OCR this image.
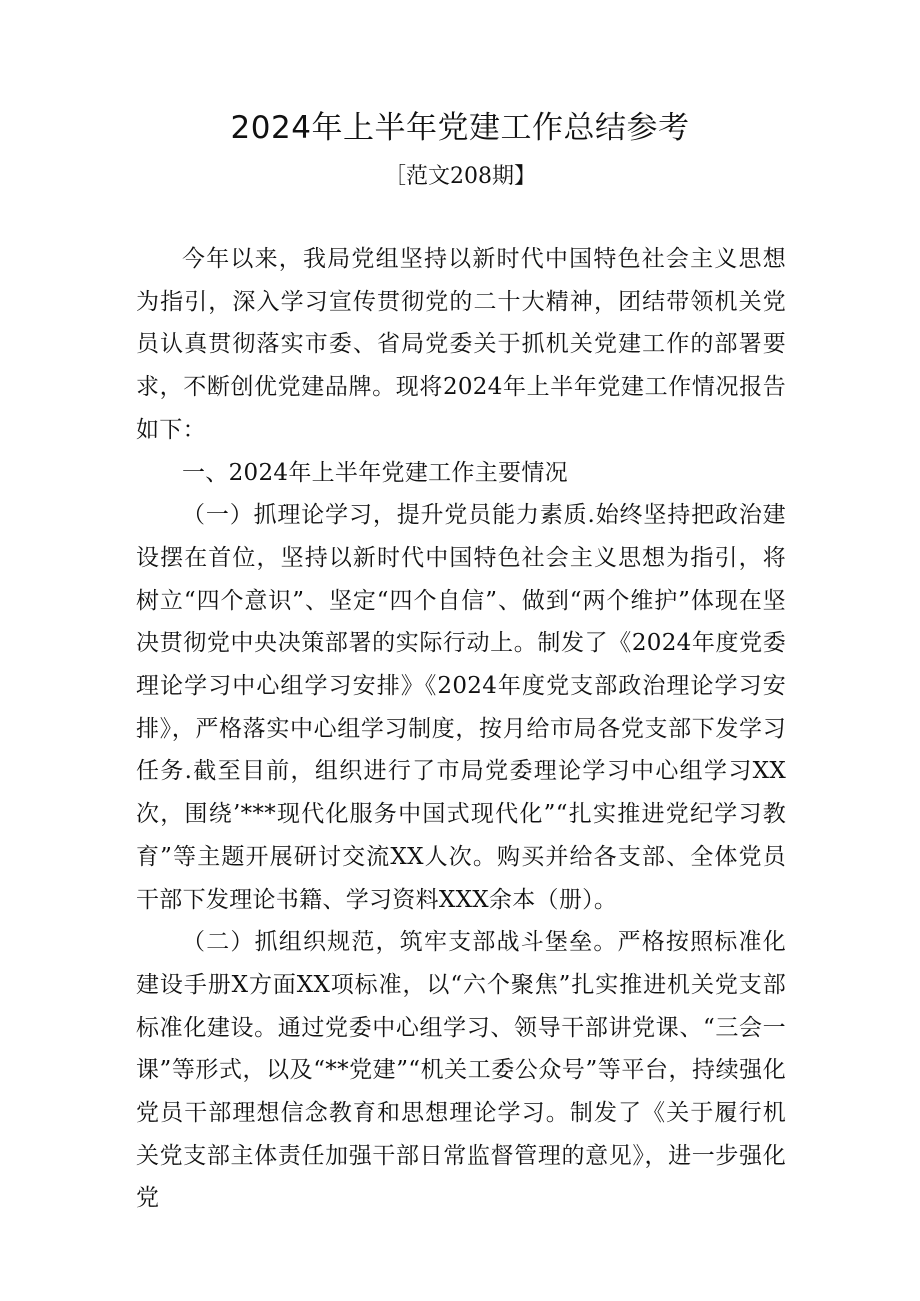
2024年上半年党建工作总结参考
［范文208期】

今年以来，我局党组坚持以新时代中国特色社会主义思想为指引，深入学习宣传贯彻党的二十大精神，团结带领机关党员认真贯彻落实市委、省局党委关于抓机关党建工作的部署要求，不断创优党建品牌。现将2024年上半年党建工作情况报告如下：

一、2024年上半年党建工作主要情况

（一）抓理论学习，提升党员能力素质.始终坚持把政治建设摆在首位，坚持以新时代中国特色社会主义思想为指引，将树立“四个意识”、坚定“四个自信”、做到“两个维护”体现在坚决贯彻党中央决策部署的实际行动上。制发了《2024年度党委理论学习中心组学习安排》《2024年度党支部政治理论学习安排》，严格落实中心组学习制度，按月给市局各党支部下发学习任务.截至目前，组织进行了市局党委理论学习中心组学习XX次，围绕’***现代化服务中国式现代化”“扎实推进党纪学习教育”等主题开展研讨交流XX人次。购买并给各支部、全体党员干部下发理论书籍、学习资料XXX余本（册）。

（二）抓组织规范，筑牢支部战斗堡垒。严格按照标准化建设手册X方面XX项标准，以“六个聚焦”扎实推进机关党支部标准化建设。通过党委中心组学习、领导干部讲党课、“三会一课”等形式，以及“**党建”“机关工委公众号”等平台，持续强化党员干部理想信念教育和思想理论学习。制发了《关于履行机关党支部主体责任加强干部日常监督管理的意见》，进一步强化党
